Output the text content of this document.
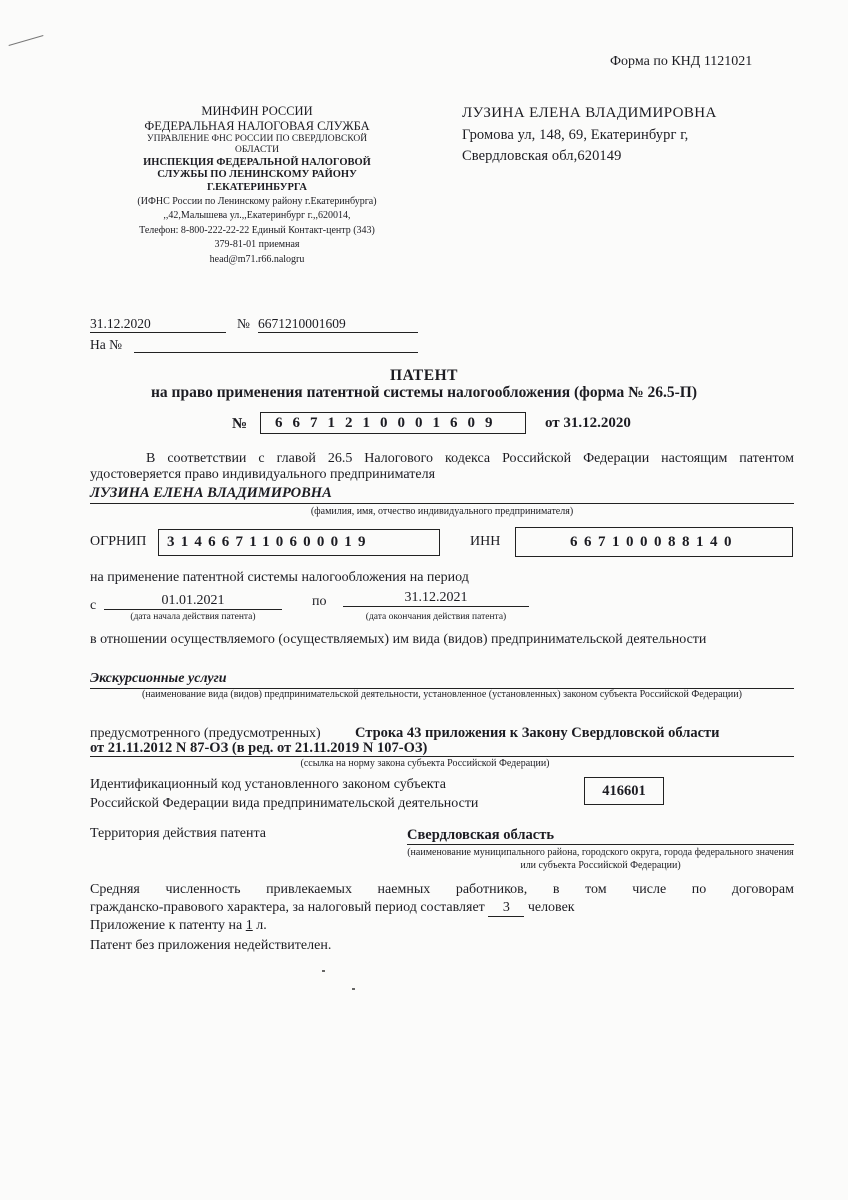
Форма по КНД 1121021
МИНФИН РОССИИ
ФЕДЕРАЛЬНАЯ НАЛОГОВАЯ СЛУЖБА
УПРАВЛЕНИЕ ФНС РОССИИ ПО СВЕРДЛОВСКОЙ
ОБЛАСТИ
ИНСПЕКЦИЯ ФЕДЕРАЛЬНОЙ НАЛОГОВОЙ
СЛУЖБЫ ПО ЛЕНИНСКОМУ РАЙОНУ
Г.ЕКАТЕРИНБУРГА
(ИФНС России по Ленинскому району г.Екатеринбурга)
,,42,Малышева ул.,,Екатеринбург г.,,620014,
Телефон: 8-800-222-22-22 Единый Контакт-центр (343)
379-81-01 приемная
head@m71.r66.nalogru
ЛУЗИНА ЕЛЕНА ВЛАДИМИРОВНА
Громова ул, 148, 69, Екатеринбург г,
Свердловская обл,620149
31.12.2020	№ 6671210001609
На №
ПАТЕНТ
на право применения патентной системы налогообложения (форма № 26.5-П)
№	6671210001609	от 31.12.2020
В соответствии с главой 26.5 Налогового кодекса Российской Федерации настоящим патентом удостоверяется право индивидуального предпринимателя
ЛУЗИНА ЕЛЕНА ВЛАДИМИРОВНА
(фамилия, имя, отчество индивидуального предпринимателя)
ОГРНИП	314667110600019	ИНН	667100088140
на применение патентной системы налогообложения на период
с	01.01.2021
(дата начала действия патента)
по	31.12.2021
(дата окончания действия патента)
в отношении осуществляемого (осуществляемых) им вида (видов) предпринимательской деятельности
Экскурсионные услуги
(наименование вида (видов) предпринимательской деятельности, установленное (установленных) законом субъекта Российской Федерации)
предусмотренного (предусмотренных) Строка 43 приложения к Закону Свердловской области
от 21.11.2012 N 87-ОЗ (в ред. от 21.11.2019 N 107-ОЗ)
(ссылка на норму закона субъекта Российской Федерации)
Идентификационный код установленного законом субъекта
Российской Федерации вида предпринимательской деятельности
416601
Территория действия патента	Свердловская область
(наименование муниципального района, городского округа, города федерального значения или субъекта Российской Федерации)
Средняя численность привлекаемых наемных работников, в том числе по договорам
гражданско-правового характера, за налоговый период составляет 3 человек
Приложение к патенту на 1 л.
Патент без приложения недействителен.
